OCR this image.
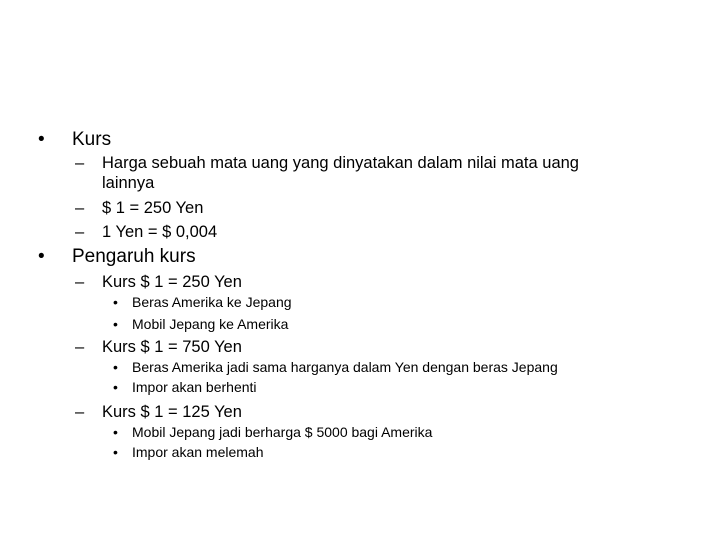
•	Kurs
–	Harga sebuah mata uang yang dinyatakan dalam nilai mata uang
lainnya
–	$ 1 = 250 Yen
–	1 Yen = $ 0,004
•	Pengaruh kurs
–	Kurs $ 1 = 250 Yen
•	Beras Amerika ke Jepang
•	Mobil Jepang ke Amerika
–	Kurs $ 1 = 750 Yen
•	Beras Amerika jadi sama harganya dalam Yen dengan beras Jepang
•	Impor akan berhenti
–	Kurs $ 1 = 125 Yen
•	Mobil Jepang jadi berharga $ 5000 bagi Amerika
•	Impor akan melemah
